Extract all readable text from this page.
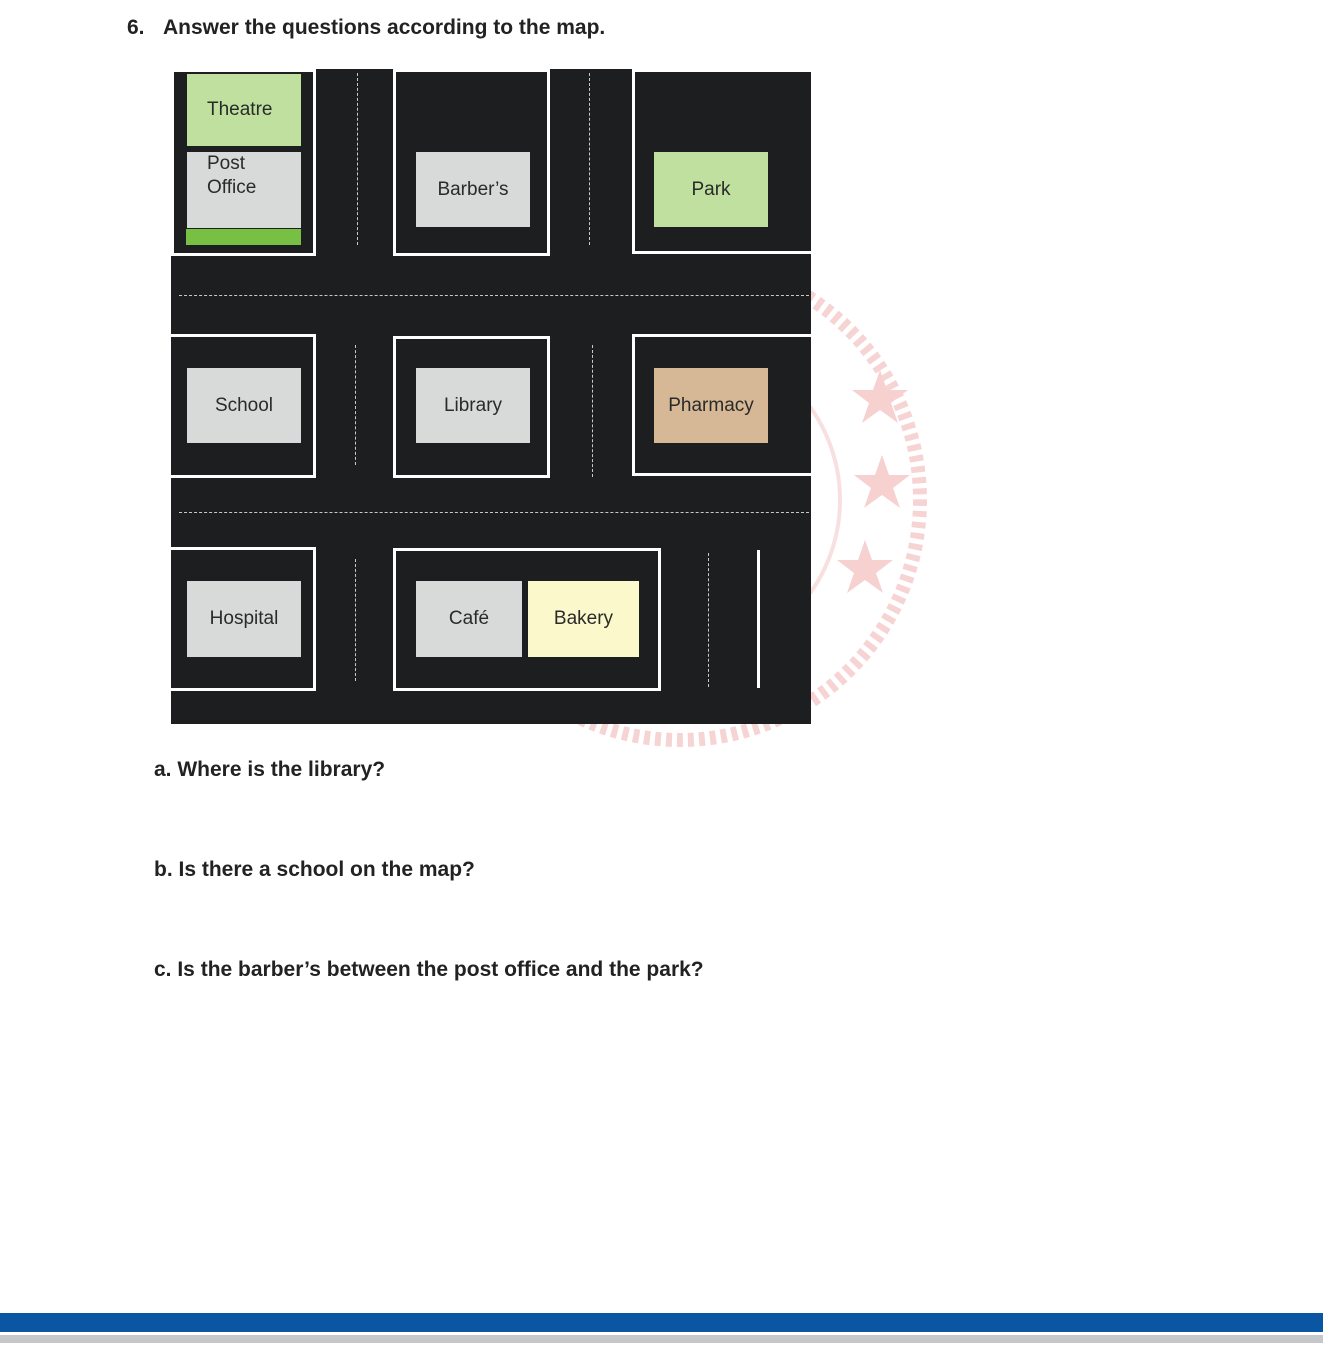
6. Answer the questions according to the map.
Theatre
Post
Office	Barber’s	Park
School	Library	Pharmacy
Hospital	Café	Bakery

a. Where is the library?

b. Is there a school on the map?

c. Is the barber’s between the post office and the park?
